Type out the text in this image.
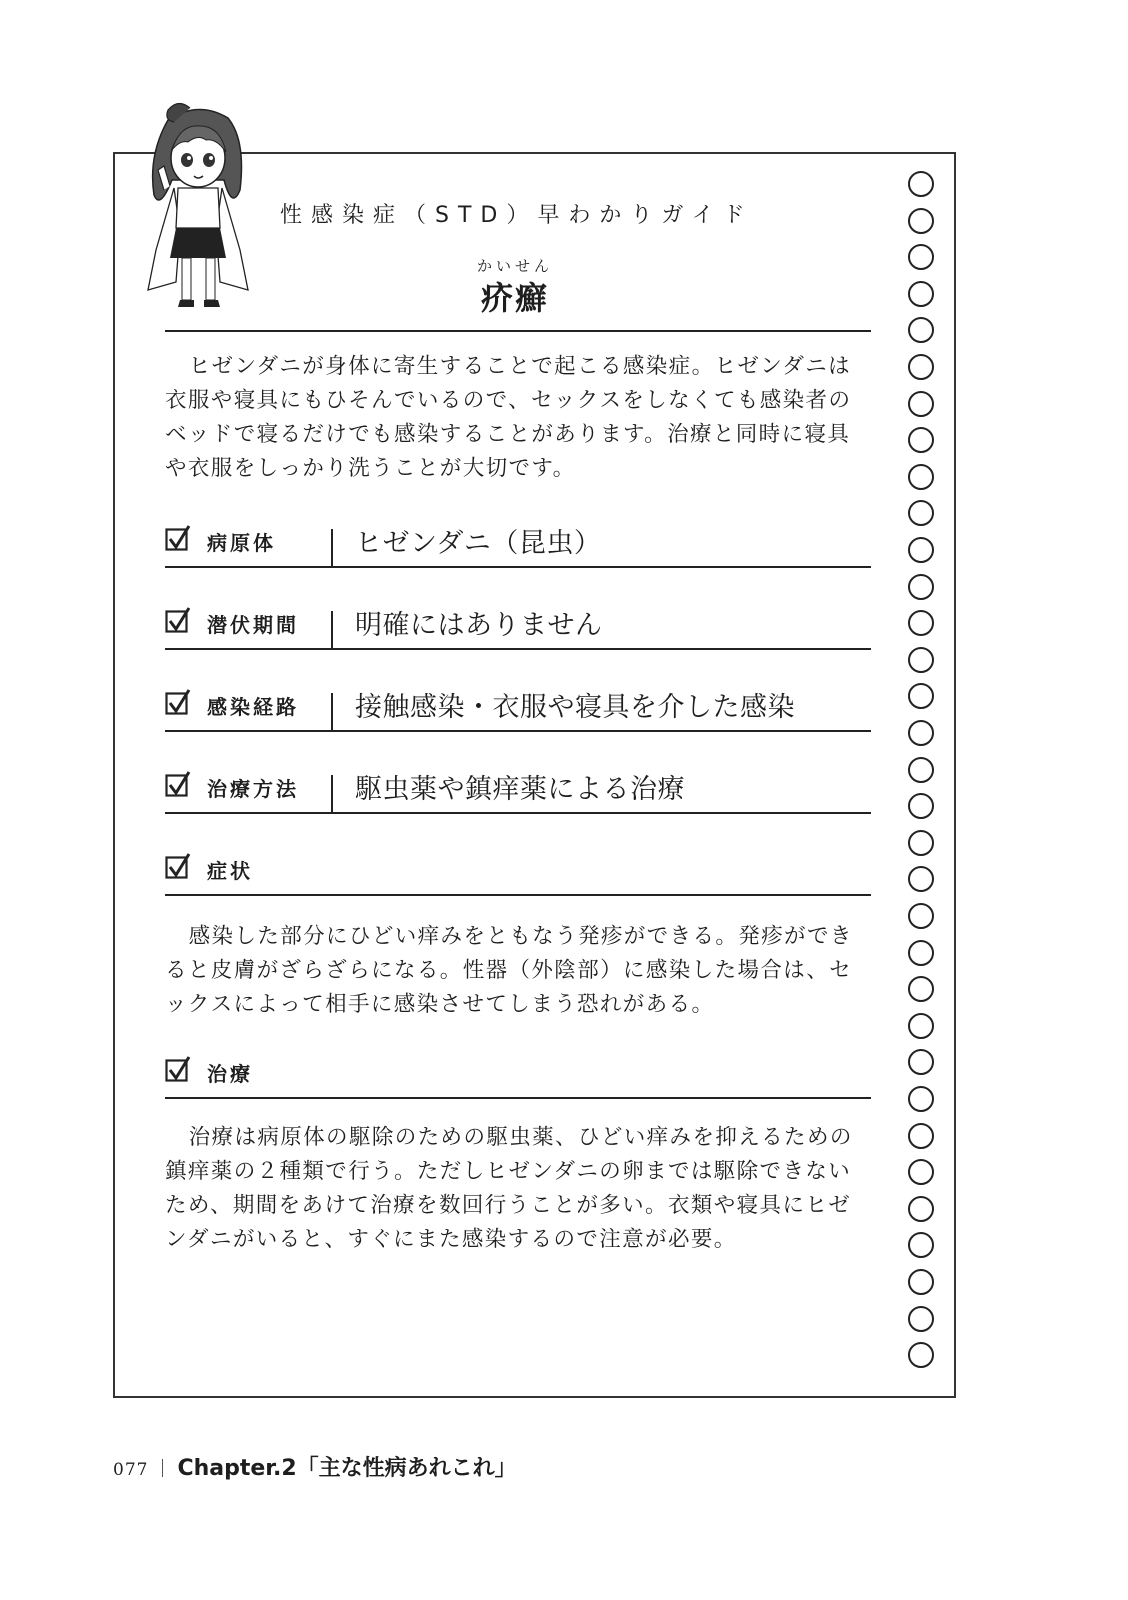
性感染症（STD）早わかりガイド
かいせん
疥癬

ヒゼンダニが身体に寄生することで起こる感染症。ヒゼンダニは衣服や寝具にもひそんでいるので、セックスをしなくても感染者のベッドで寝るだけでも感染することがあります。治療と同時に寝具や衣服をしっかり洗うことが大切です。

病原体	ヒゼンダニ（昆虫）
潜伏期間 明確にはありません
感染経路 接触感染・衣服や寝具を介した感染
治療方法 駆虫薬や鎮痒薬による治療
症状

感染した部分にひどい痒みをともなう発疹ができる。発疹ができると皮膚がざらざらになる。性器（外陰部）に感染した場合は、セックスによって相手に感染させてしまう恐れがある。

治療

治療は病原体の駆除のための駆虫薬、ひどい痒みを抑えるための鎮痒薬の２種類で行う。ただしヒゼンダニの卵までは駆除できないため、期間をあけて治療を数回行うことが多い。衣類や寝具にヒゼンダニがいると、すぐにまた感染するので注意が必要。

077 Chapter.2「主な性病あれこれ」
